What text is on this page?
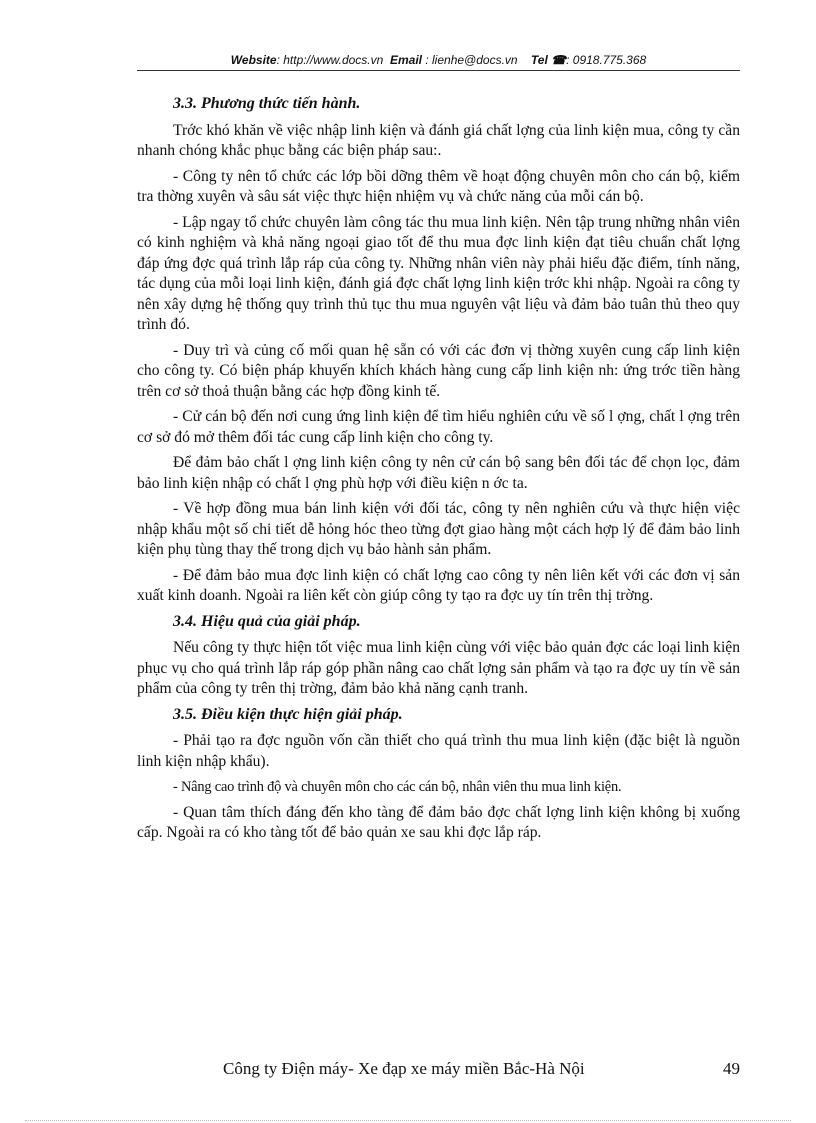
Website: http://www.docs.vn Email : lienhe@docs.vn Tel ☎: 0918.775.368
3.3. Phương thức tiến hành.
Trớc khó khăn về việc nhập linh kiện và đánh giá chất lợng của linh kiện mua, công ty cần nhanh chóng khắc phục bằng các biện pháp sau:.
- Công ty nên tổ chức các lớp bồi dỡng thêm về hoạt động chuyên môn cho cán bộ, kiểm tra thờng xuyên và sâu sát việc thực hiện nhiệm vụ và chức năng của mỗi cán bộ.
- Lập ngay tổ chức chuyên làm công tác thu mua linh kiện. Nên tập trung những nhân viên có kinh nghiệm và khả năng ngoại giao tốt để thu mua đợc linh kiện đạt tiêu chuẩn chất lợng đáp ứng đợc quá trình lắp ráp của công ty. Những nhân viên này phải hiểu đặc điểm, tính năng, tác dụng của mỗi loại linh kiện, đánh giá đợc chất lợng linh kiện trớc khi nhập. Ngoài ra công ty nên xây dựng hệ thống quy trình thủ tục thu mua nguyên vật liệu và đảm bảo tuân thủ theo quy trình đó.
- Duy trì và củng cố mối quan hệ sẵn có với các đơn vị thờng xuyên cung cấp linh kiện cho công ty. Có biện pháp khuyến khích khách hàng cung cấp linh kiện nh: ứng trớc tiền hàng trên cơ sở thoả thuận bằng các hợp đồng kinh tế.
- Cử cán bộ đến nơi cung ứng linh kiện để tìm hiểu nghiên cứu về số l ợng, chất l ợng trên cơ sở đó mở thêm đối tác cung cấp linh kiện cho công ty.
Để đảm bảo chất l ợng linh kiện công ty nên cử cán bộ sang bên đối tác để chọn lọc, đảm bảo linh kiện nhập có chất l ợng phù hợp với điều kiện n ớc ta.
- Về hợp đồng mua bán linh kiện với đối tác, công ty nên nghiên cứu và thực hiện việc nhập khẩu một số chi tiết dễ hỏng hóc theo từng đợt giao hàng một cách hợp lý để đảm bảo linh kiện phụ tùng thay thế trong dịch vụ bảo hành sản phẩm.
- Để đảm bảo mua đợc linh kiện có chất lợng cao công ty nên liên kết với các đơn vị sản xuất kinh doanh. Ngoài ra liên kết còn giúp công ty tạo ra đợc uy tín trên thị trờng.
3.4. Hiệu quả của giải pháp.
Nếu công ty thực hiện tốt việc mua linh kiện cùng với việc bảo quản đợc các loại linh kiện phục vụ cho quá trình lắp ráp góp phần nâng cao chất lợng sản phẩm và tạo ra đợc uy tín về sản phẩm của công ty trên thị trờng, đảm bảo khả năng cạnh tranh.
3.5. Điều kiện thực hiện giải pháp.
- Phải tạo ra đợc nguồn vốn cần thiết cho quá trình thu mua linh kiện (đặc biệt là nguồn linh kiện nhập khẩu).
- Nâng cao trình độ và chuyên môn cho các cán bộ, nhân viên thu mua linh kiện.
- Quan tâm thích đáng đến kho tàng để đảm bảo đợc chất lợng linh kiện không bị xuống cấp. Ngoài ra có kho tàng tốt để bảo quản xe sau khi đợc lắp ráp.
Công ty Điện máy- Xe đạp xe máy miền Bắc-Hà Nội	49
